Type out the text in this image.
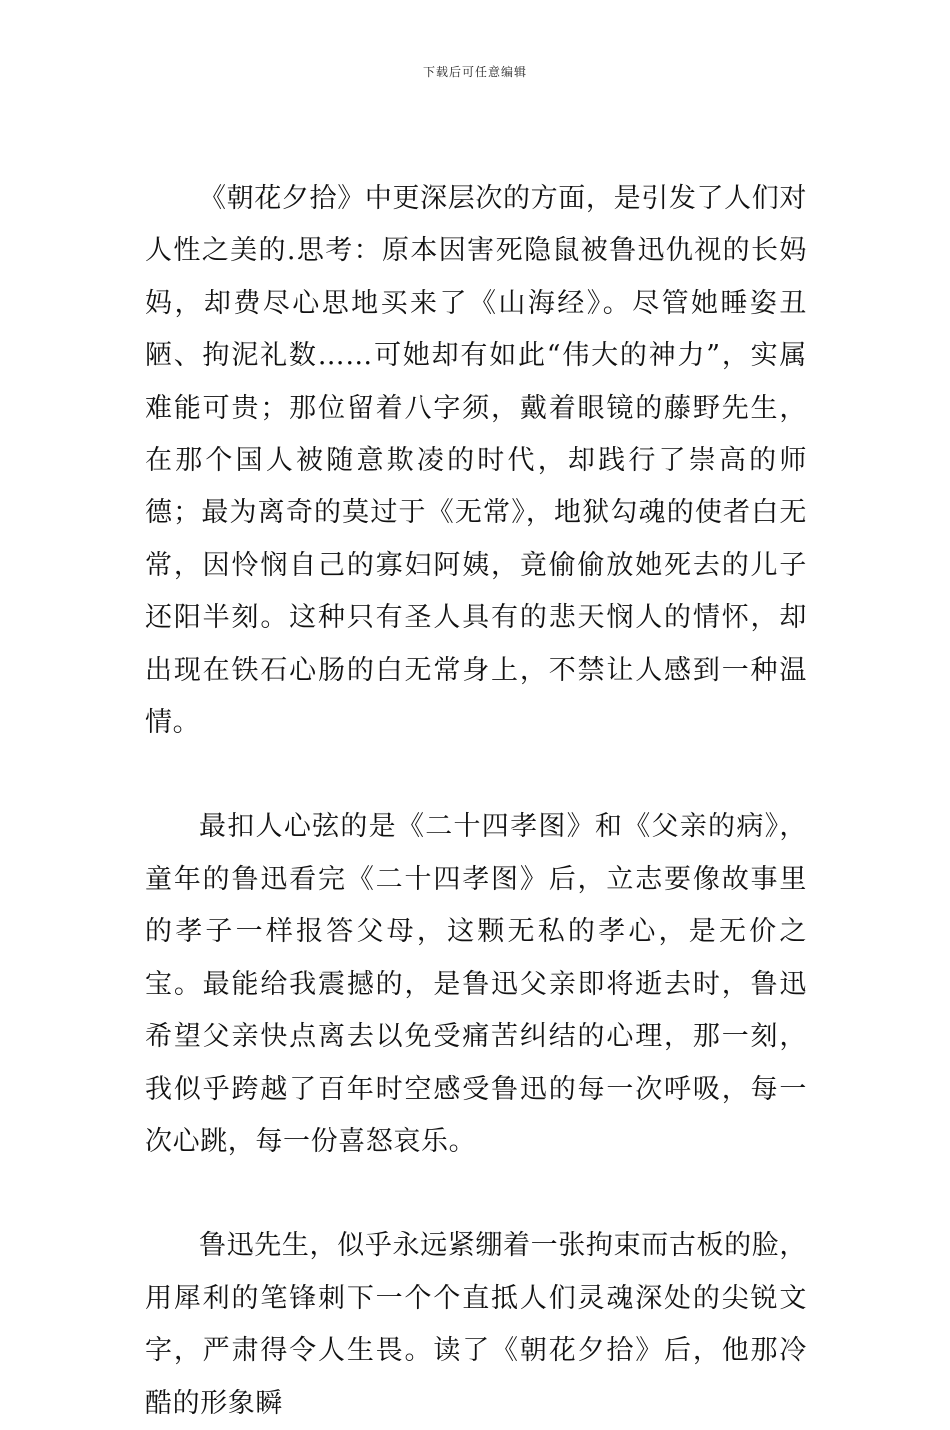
下载后可任意编辑

《朝花夕拾》中更深层次的方面，是引发了人们对人性之美的.思考：原本因害死隐鼠被鲁迅仇视的长妈妈，却费尽心思地买来了《山海经》。尽管她睡姿丑陋、拘泥礼数……可她却有如此“伟大的神力”，实属难能可贵；那位留着八字须，戴着眼镜的藤野先生，在那个国人被随意欺凌的时代，却践行了崇高的师德；最为离奇的莫过于《无常》，地狱勾魂的使者白无常，因怜悯自己的寡妇阿姨，竟偷偷放她死去的儿子还阳半刻。这种只有圣人具有的悲天悯人的情怀，却出现在铁石心肠的白无常身上，不禁让人感到一种温情。

最扣人心弦的是《二十四孝图》和《父亲的病》，童年的鲁迅看完《二十四孝图》后，立志要像故事里的孝子一样报答父母，这颗无私的孝心，是无价之宝。最能给我震撼的，是鲁迅父亲即将逝去时，鲁迅希望父亲快点离去以免受痛苦纠结的心理，那一刻，我似乎跨越了百年时空感受鲁迅的每一次呼吸，每一次心跳，每一份喜怒哀乐。

鲁迅先生，似乎永远紧绷着一张拘束而古板的脸，用犀利的笔锋刺下一个个直抵人们灵魂深处的尖锐文字，严肃得令人生畏。读了《朝花夕拾》后，他那冷酷的形象瞬
